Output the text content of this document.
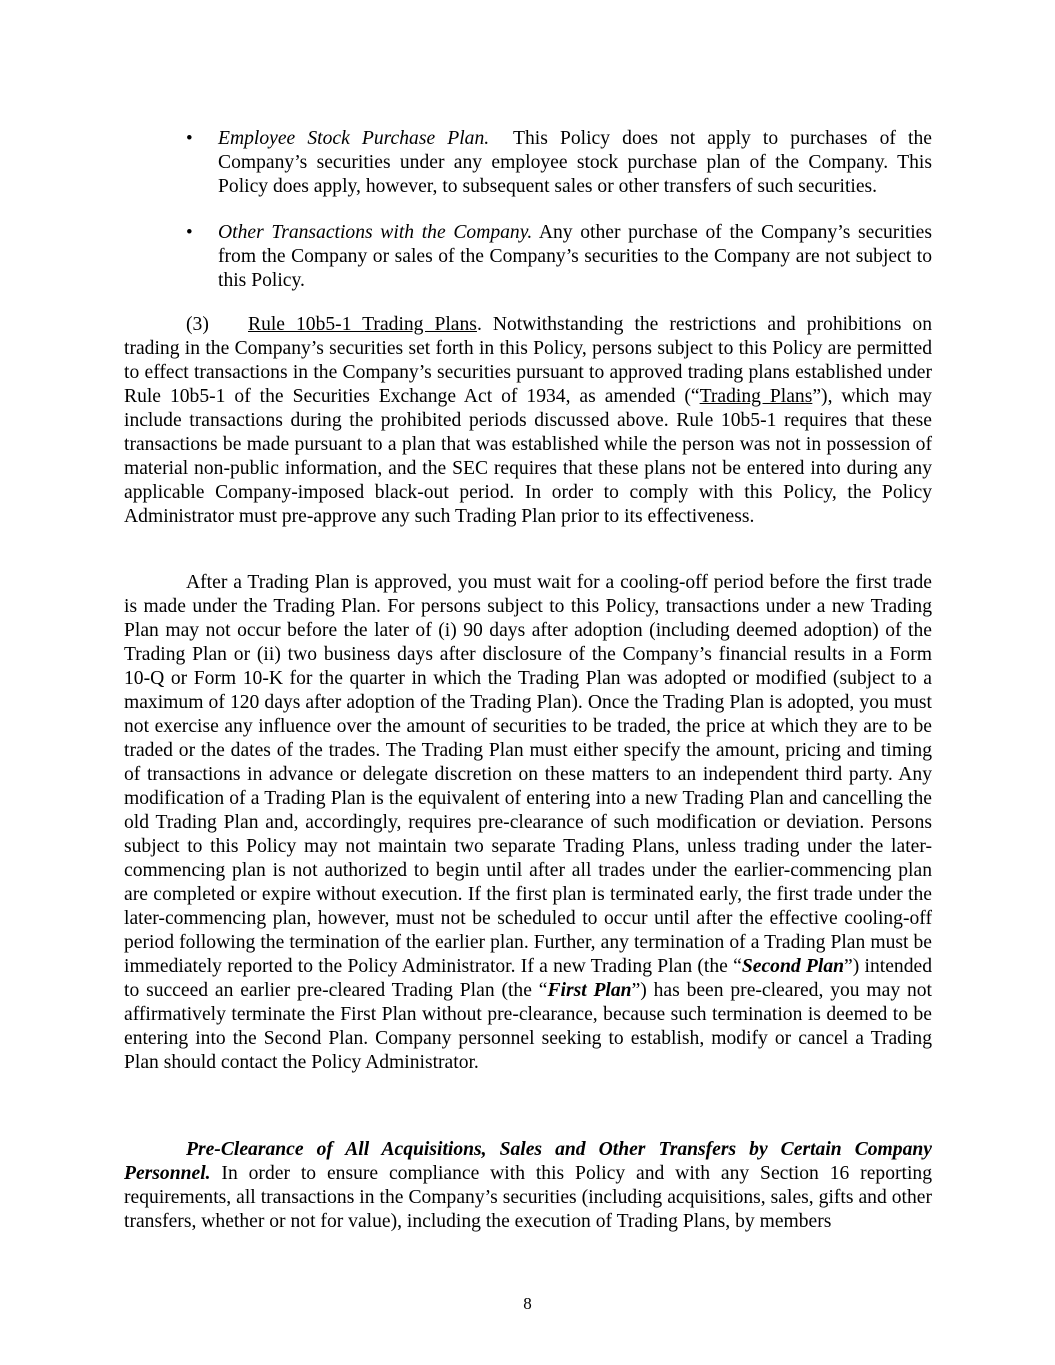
• Employee Stock Purchase Plan. This Policy does not apply to purchases of the Company’s securities under any employee stock purchase plan of the Company. This Policy does apply, however, to subsequent sales or other transfers of such securities.

• Other Transactions with the Company. Any other purchase of the Company’s securities from the Company or sales of the Company’s securities to the Company are not subject to this Policy.

(3) Rule 10b5-1 Trading Plans. Notwithstanding the restrictions and prohibitions on trading in the Company’s securities set forth in this Policy, persons subject to this Policy are permitted to effect transactions in the Company’s securities pursuant to approved trading plans established under Rule 10b5-1 of the Securities Exchange Act of 1934, as amended (“Trading Plans”), which may include transactions during the prohibited periods discussed above. Rule 10b5-1 requires that these transactions be made pursuant to a plan that was established while the person was not in possession of material non-public information, and the SEC requires that these plans not be entered into during any applicable Company-imposed black-out period. In order to comply with this Policy, the Policy Administrator must pre-approve any such Trading Plan prior to its effectiveness.

After a Trading Plan is approved, you must wait for a cooling-off period before the first trade is made under the Trading Plan. For persons subject to this Policy, transactions under a new Trading Plan may not occur before the later of (i) 90 days after adoption (including deemed adoption) of the Trading Plan or (ii) two business days after disclosure of the Company’s financial results in a Form 10-Q or Form 10-K for the quarter in which the Trading Plan was adopted or modified (subject to a maximum of 120 days after adoption of the Trading Plan). Once the Trading Plan is adopted, you must not exercise any influence over the amount of securities to be traded, the price at which they are to be traded or the dates of the trades. The Trading Plan must either specify the amount, pricing and timing of transactions in advance or delegate discretion on these matters to an independent third party. Any modification of a Trading Plan is the equivalent of entering into a new Trading Plan and cancelling the old Trading Plan and, accordingly, requires pre-clearance of such modification or deviation. Persons subject to this Policy may not maintain two separate Trading Plans, unless trading under the later-commencing plan is not authorized to begin until after all trades under the earlier-commencing plan are completed or expire without execution. If the first plan is terminated early, the first trade under the later-commencing plan, however, must not be scheduled to occur until after the effective cooling-off period following the termination of the earlier plan. Further, any termination of a Trading Plan must be immediately reported to the Policy Administrator. If a new Trading Plan (the “Second Plan”) intended to succeed an earlier pre-cleared Trading Plan (the “First Plan”) has been pre-cleared, you may not affirmatively terminate the First Plan without pre-clearance, because such termination is deemed to be entering into the Second Plan. Company personnel seeking to establish, modify or cancel a Trading Plan should contact the Policy Administrator.

Pre-Clearance of All Acquisitions, Sales and Other Transfers by Certain Company Personnel. In order to ensure compliance with this Policy and with any Section 16 reporting requirements, all transactions in the Company’s securities (including acquisitions, sales, gifts and other transfers, whether or not for value), including the execution of Trading Plans, by members

8
